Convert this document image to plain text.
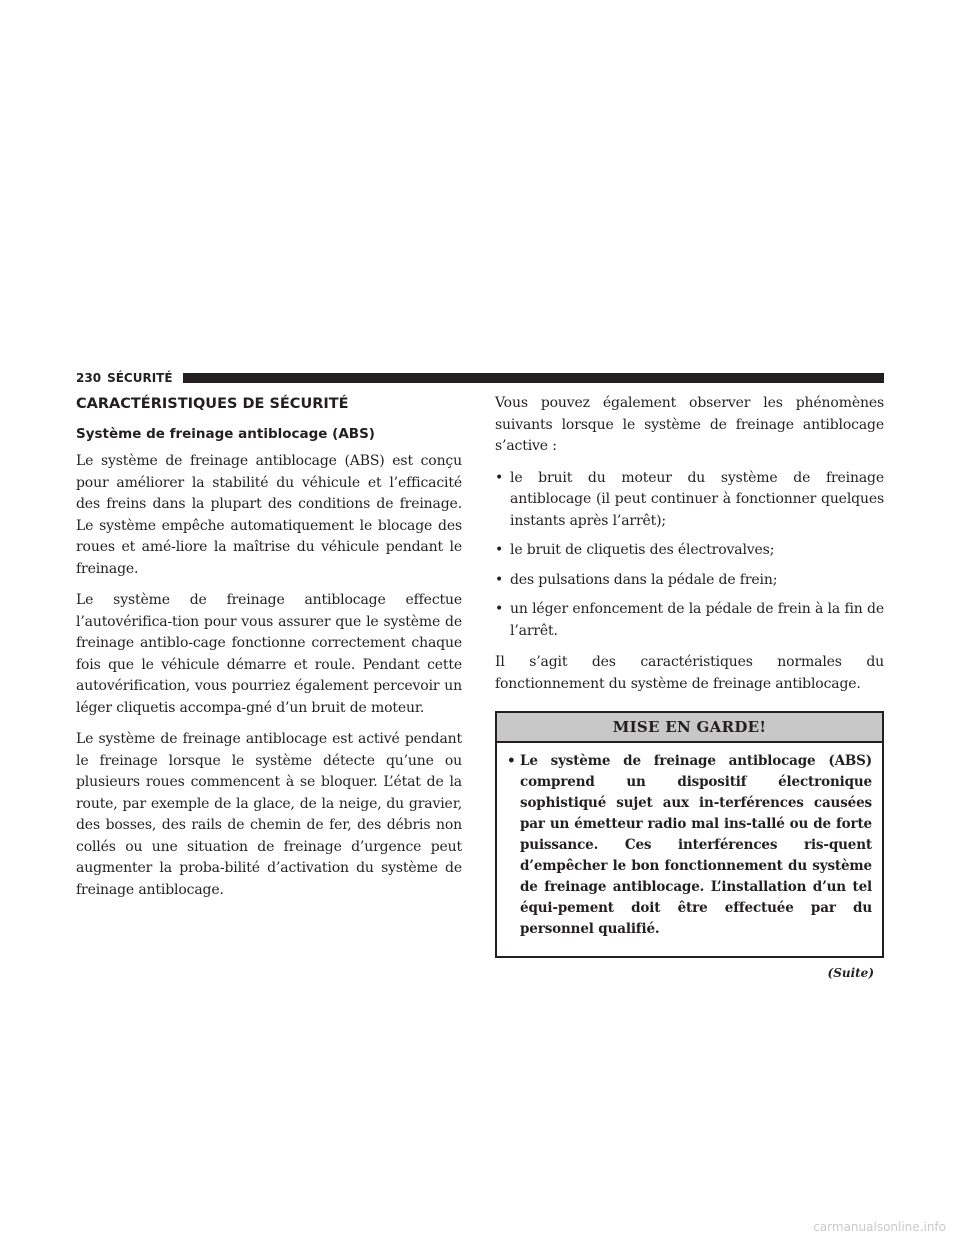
230 SÉCURITÉ
CARACTÉRISTIQUES DE SÉCURITÉ
Système de freinage antiblocage (ABS)

Le système de freinage antiblocage (ABS) est conçu pour améliorer la stabilité du véhicule et l’efficacité des freins dans la plupart des conditions de freinage. Le système empêche automatiquement le blocage des roues et amé-liore la maîtrise du véhicule pendant le freinage.

Le système de freinage antiblocage effectue l’autovérifica-tion pour vous assurer que le système de freinage antiblo-cage fonctionne correctement chaque fois que le véhicule démarre et roule. Pendant cette autovérification, vous pourriez également percevoir un léger cliquetis accompa-gné d’un bruit de moteur.

Le système de freinage antiblocage est activé pendant le freinage lorsque le système détecte qu’une ou plusieurs roues commencent à se bloquer. L’état de la route, par exemple de la glace, de la neige, du gravier, des bosses, des rails de chemin de fer, des débris non collés ou une situation de freinage d’urgence peut augmenter la proba-bilité d’activation du système de freinage antiblocage.

Vous pouvez également observer les phénomènes suivants lorsque le système de freinage antiblocage s’active :

• le bruit du moteur du système de freinage antiblocage (il peut continuer à fonctionner quelques instants après l’arrêt);
• le bruit de cliquetis des électrovalves;
• des pulsations dans la pédale de frein;
• un léger enfoncement de la pédale de frein à la fin de l’arrêt.

Il s’agit des caractéristiques normales du fonctionnement du système de freinage antiblocage.

MISE EN GARDE!
• Le système de freinage antiblocage (ABS) comprend un dispositif électronique sophistiqué sujet aux in-terférences causées par un émetteur radio mal ins-tallé ou de forte puissance. Ces interférences ris-quent d’empêcher le bon fonctionnement du système de freinage antiblocage. L’installation d’un tel équi-pement doit être effectuée par du personnel qualifié.
(Suite)
carmanualsonline.info
